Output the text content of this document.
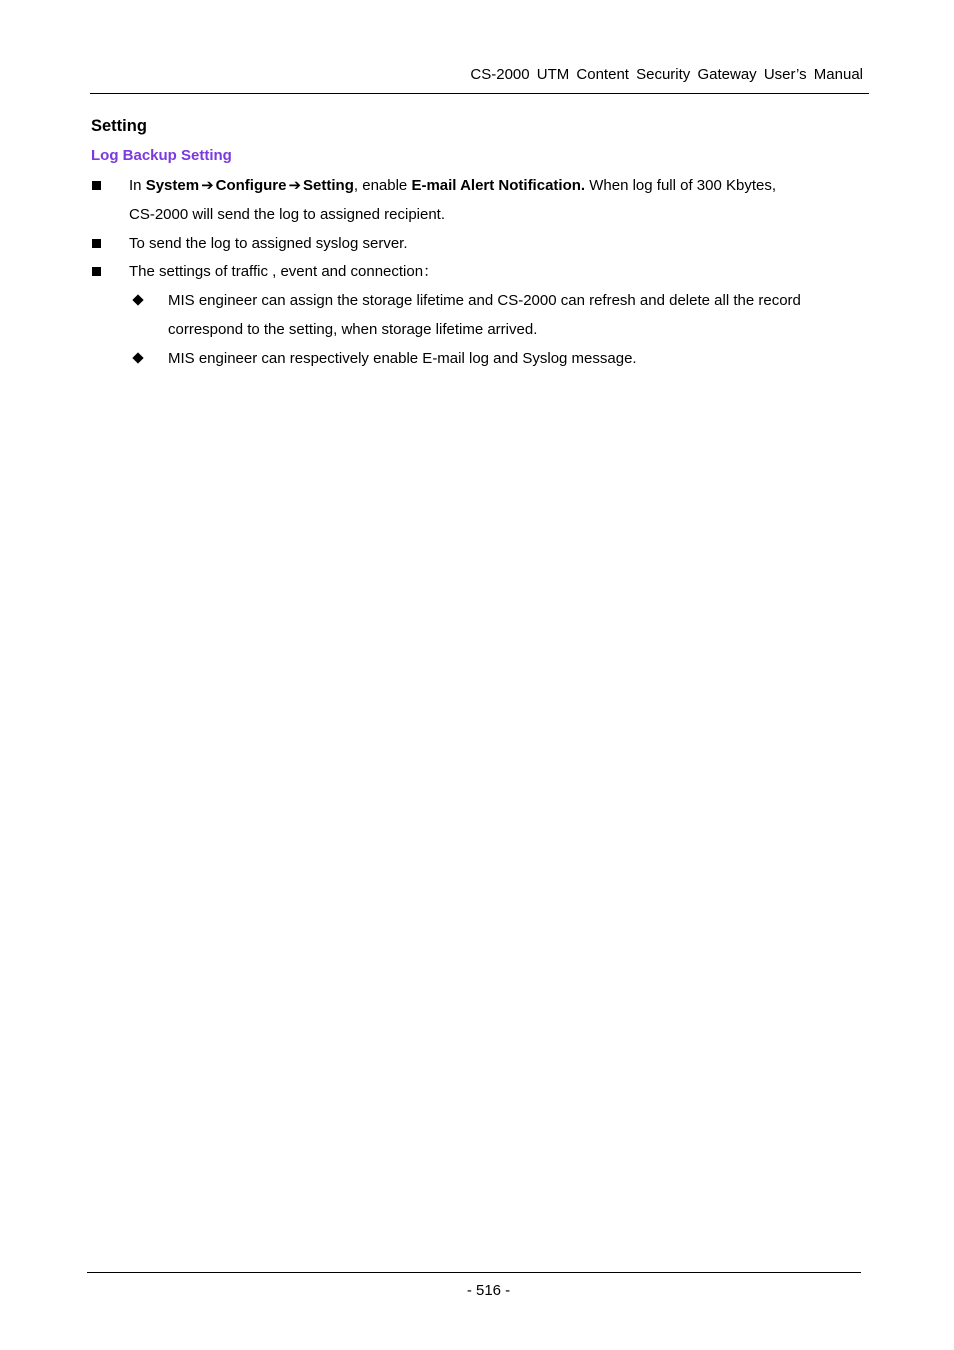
CS-2000 UTM Content Security Gateway User’s Manual
Setting
Log Backup Setting
In System ➔ Configure ➔ Setting, enable E-mail Alert Notification. When log full of 300 Kbytes,
CS-2000 will send the log to assigned recipient.
To send the log to assigned syslog server.
The settings of traffic , event and connection：
MIS engineer can assign the storage lifetime and CS-2000 can refresh and delete all the record
correspond to the setting, when storage lifetime arrived.
MIS engineer can respectively enable E-mail log and Syslog message.
- 516 -
